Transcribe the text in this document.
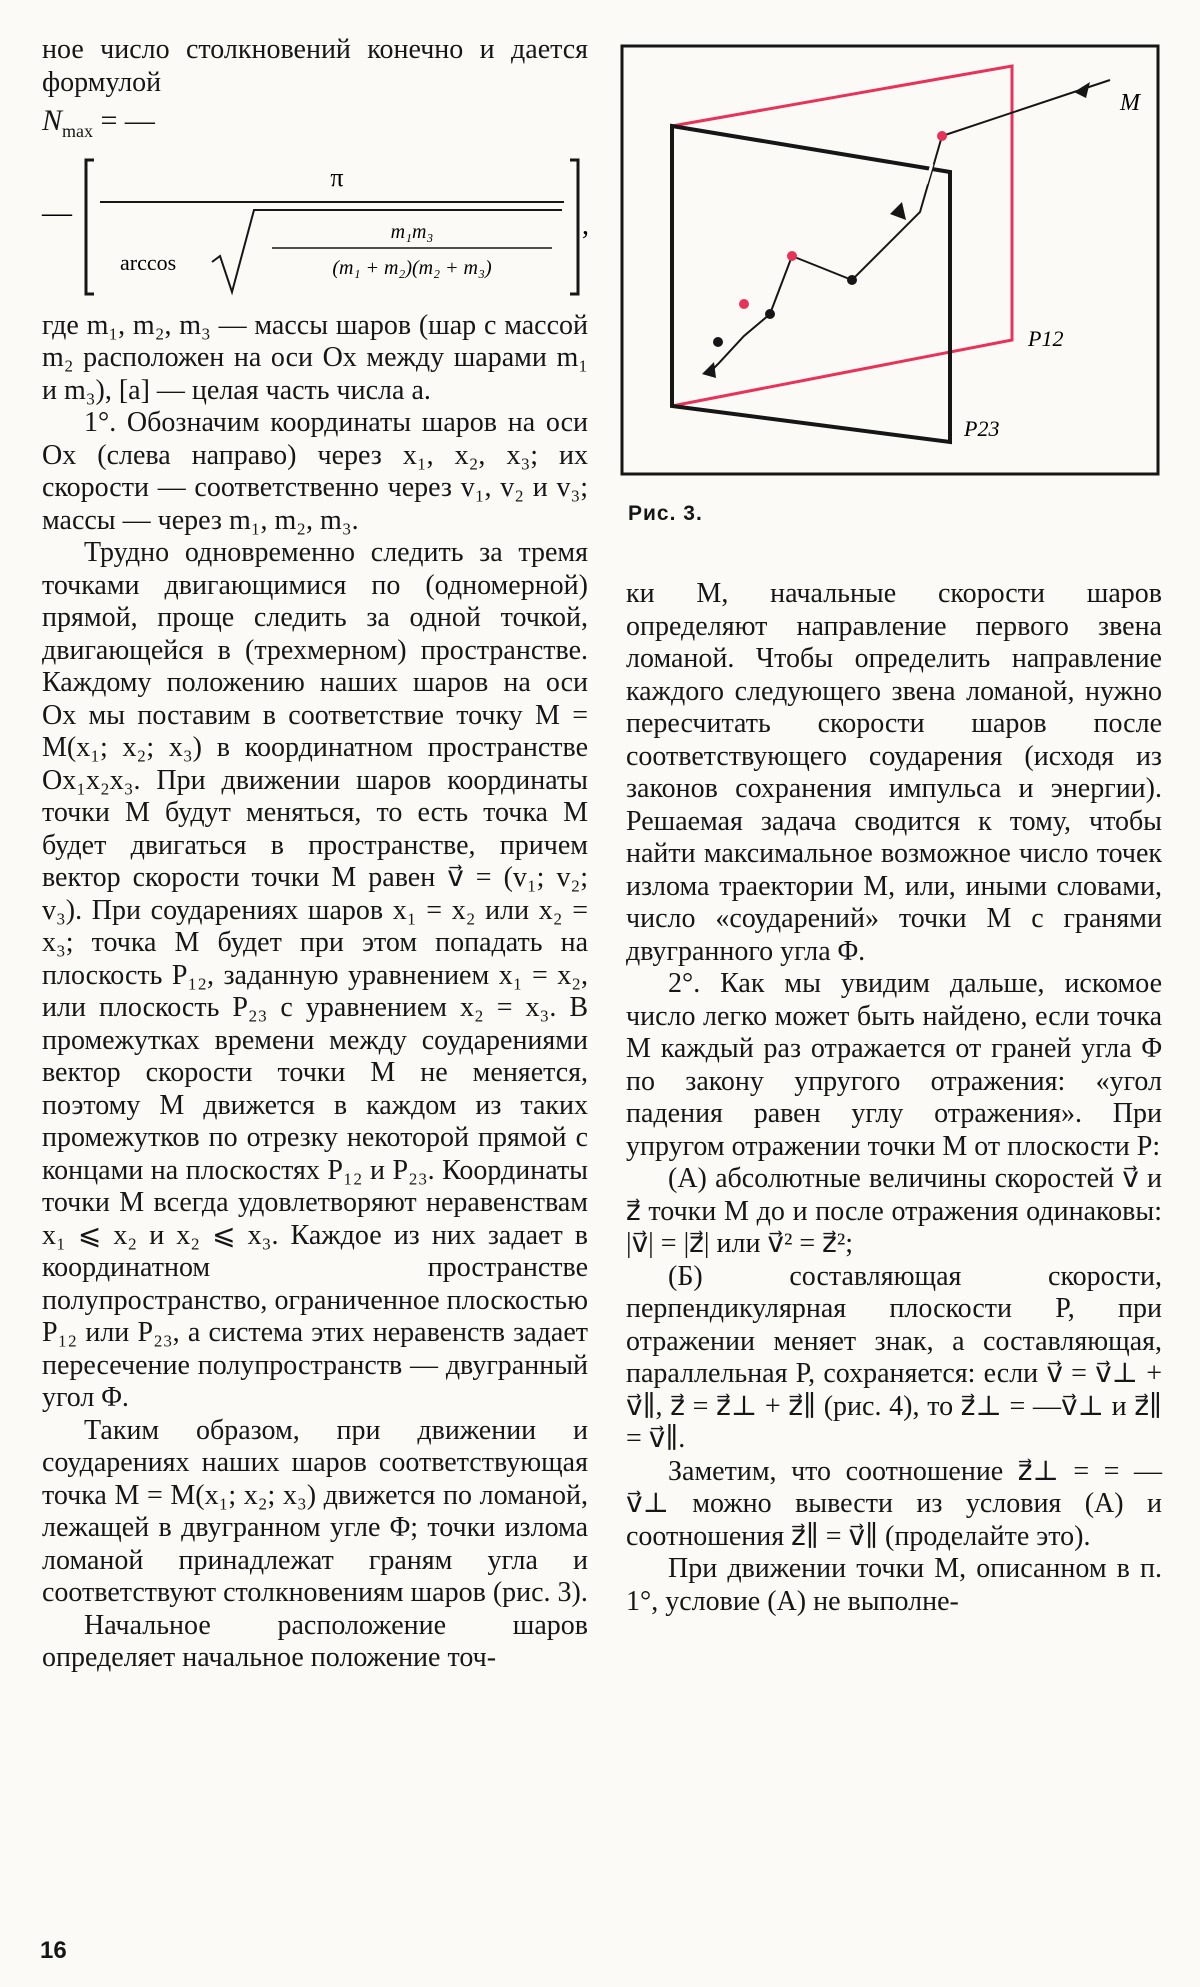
ное число столкновений конечно и дается формулой

$N_{max}$ = —
—
π
arccos
m₁m₃
(m₁ + m₂)(m₂ + m₃)
,

где m₁, m₂, m₃ — массы шаров (шар с массой m₂ расположен на оси Ox между шарами m₁ и m₃), [a] — целая часть числа a.

1°. Обозначим координаты шаров на оси Ox (слева направо) через x₁, x₂, x₃; их скорости — соответственно через v₁, v₂ и v₃; массы — через m₁, m₂, m₃.

Трудно одновременно следить за тремя точками двигающимися по (одномерной) прямой, проще следить за одной точкой, двигающейся в (трехмерном) пространстве. Каждому положению наших шаров на оси Ox мы поставим в соответствие точку M = M(x₁; x₂; x₃) в координатном пространстве Ox₁x₂x₃. При движении шаров координаты точки M будут меняться, то есть точка M будет двигаться в пространстве, причем вектор скорости точки M равен v⃗ = (v₁; v₂; v₃). При соударениях шаров x₁ = x₂ или x₂ = x₃; точка M будет при этом попадать на плоскость P₁₂, заданную уравнением x₁ = x₂, или плоскость P₂₃ с уравнением x₂ = x₃. В промежутках времени между соударениями вектор скорости точки M не меняется, поэтому M движется в каждом из таких промежутков по отрезку некоторой прямой с концами на плоскостях P₁₂ и P₂₃. Координаты точки M всегда удовлетворяют неравенствам x₁ ⩽ x₂ и x₂ ⩽ x₃. Каждое из них задает в координатном пространстве полупространство, ограниченное плоскостью P₁₂ или P₂₃, а система этих неравенств задает пересечение полупространств — двугранный угол Φ.

Таким образом, при движении и соударениях наших шаров соответствующая точка M = M(x₁; x₂; x₃) движется по ломаной, лежащей в двугранном угле Φ; точки излома ломаной принадлежат граням угла и соответствуют столкновениям шаров (рис. 3).

Начальное расположение шаров определяет начальное положение точ-

M
P12
P23
Рис. 3.

ки M, начальные скорости шаров определяют направление первого звена ломаной. Чтобы определить направление каждого следующего звена ломаной, нужно пересчитать скорости шаров после соответствующего соударения (исходя из законов сохранения импульса и энергии). Решаемая задача сводится к тому, чтобы найти максимальное возможное число точек излома траектории M, или, иными словами, число «соударений» точки M с гранями двугранного угла Φ.

2°. Как мы увидим дальше, искомое число легко может быть найдено, если точка M каждый раз отражается от граней угла Φ по закону упругого отражения: «угол падения равен углу отражения». При упругом отражении точки M от плоскости P:

(А) абсолютные величины скоростей v⃗ и z⃗ точки M до и после отражения одинаковы: |v⃗| = |z⃗| или v⃗² = z⃗²;

(Б) составляющая скорости, перпендикулярная плоскости P, при отражении меняет знак, а составляющая, параллельная P, сохраняется: если v⃗ = v⃗⊥ + v⃗∥, z⃗ = z⃗⊥ + z⃗∥ (рис. 4), то z⃗⊥ = —v⃗⊥ и z⃗∥ = v⃗∥.

Заметим, что соотношение z⃗⊥ = = — v⃗⊥ можно вывести из условия (А) и соотношения z⃗∥ = v⃗∥ (проделайте это).

При движении точки M, описанном в п. 1°, условие (А) не выполне-

16
